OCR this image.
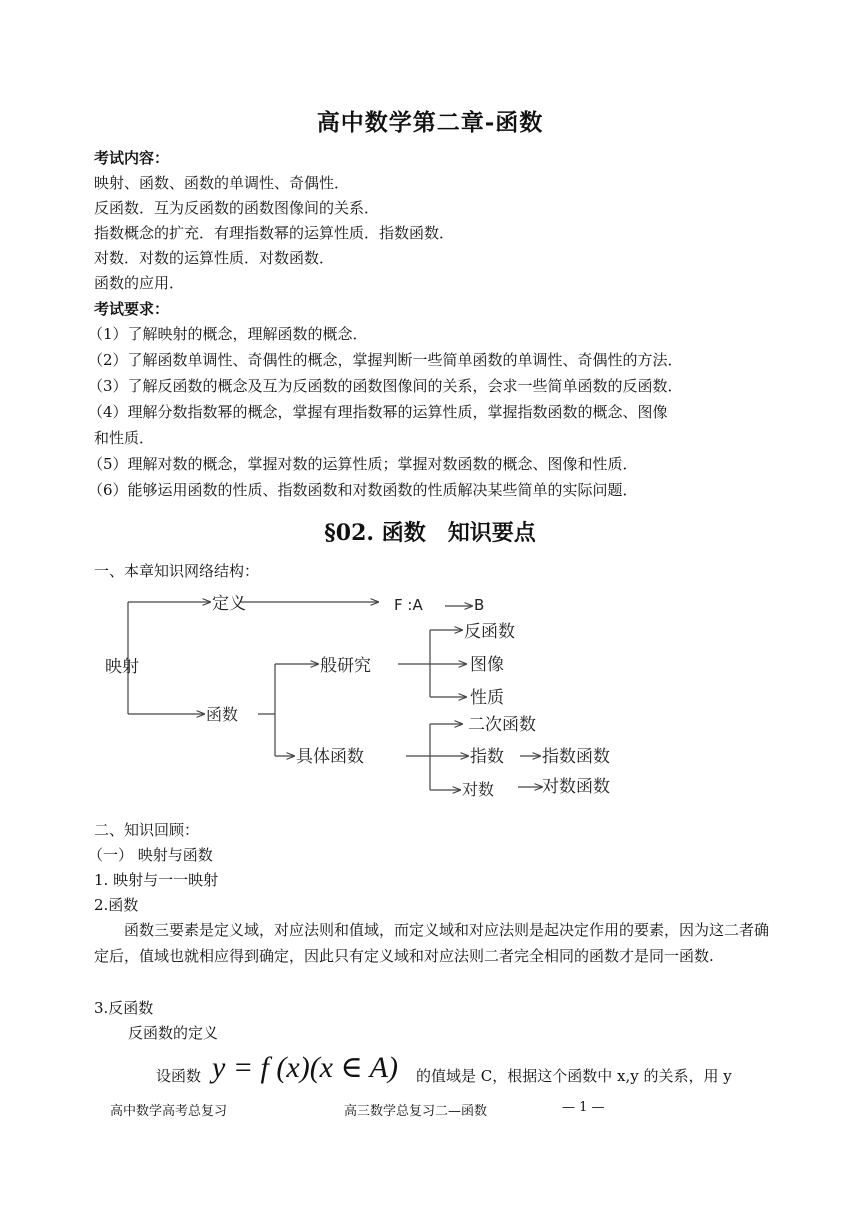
高中数学第二章-函数
考试内容：
映射、函数、函数的单调性、奇偶性．
反函数．互为反函数的函数图像间的关系．
指数概念的扩充．有理指数幂的运算性质．指数函数．
对数．对数的运算性质．对数函数．
函数的应用．
考试要求：
（1）了解映射的概念，理解函数的概念．
（2）了解函数单调性、奇偶性的概念，掌握判断一些简单函数的单调性、奇偶性的方法．
（3）了解反函数的概念及互为反函数的函数图像间的关系，会求一些简单函数的反函数．
（4）理解分数指数幂的概念，掌握有理指数幂的运算性质，掌握指数函数的概念、图像
和性质．
（5）理解对数的概念，掌握对数的运算性质；掌握对数函数的概念、图像和性质．
（6）能够运用函数的性质、指数函数和对数函数的性质解决某些简单的实际问题．
§02. 函数　知识要点
一、本章知识网络结构：
映射
定义	F :A	B
函数
般研究
反函数
图像
性质
具体函数
二次函数
指数 指数函数
对数	对数函数
二、知识回顾：
（一） 映射与函数
1. 映射与一一映射
2.函数
函数三要素是定义域，对应法则和值域，而定义域和对应法则是起决定作用的要素，因为这二者确定后，值域也就相应得到确定，因此只有定义域和对应法则二者完全相同的函数才是同一函数.
3.反函数
反函数的定义
设函数 y = f (x)(x ∈ A) 的值域是 C，根据这个函数中 x,y 的关系，用 y
高中数学高考总复习	高三数学总复习二—函数	— 1 —
